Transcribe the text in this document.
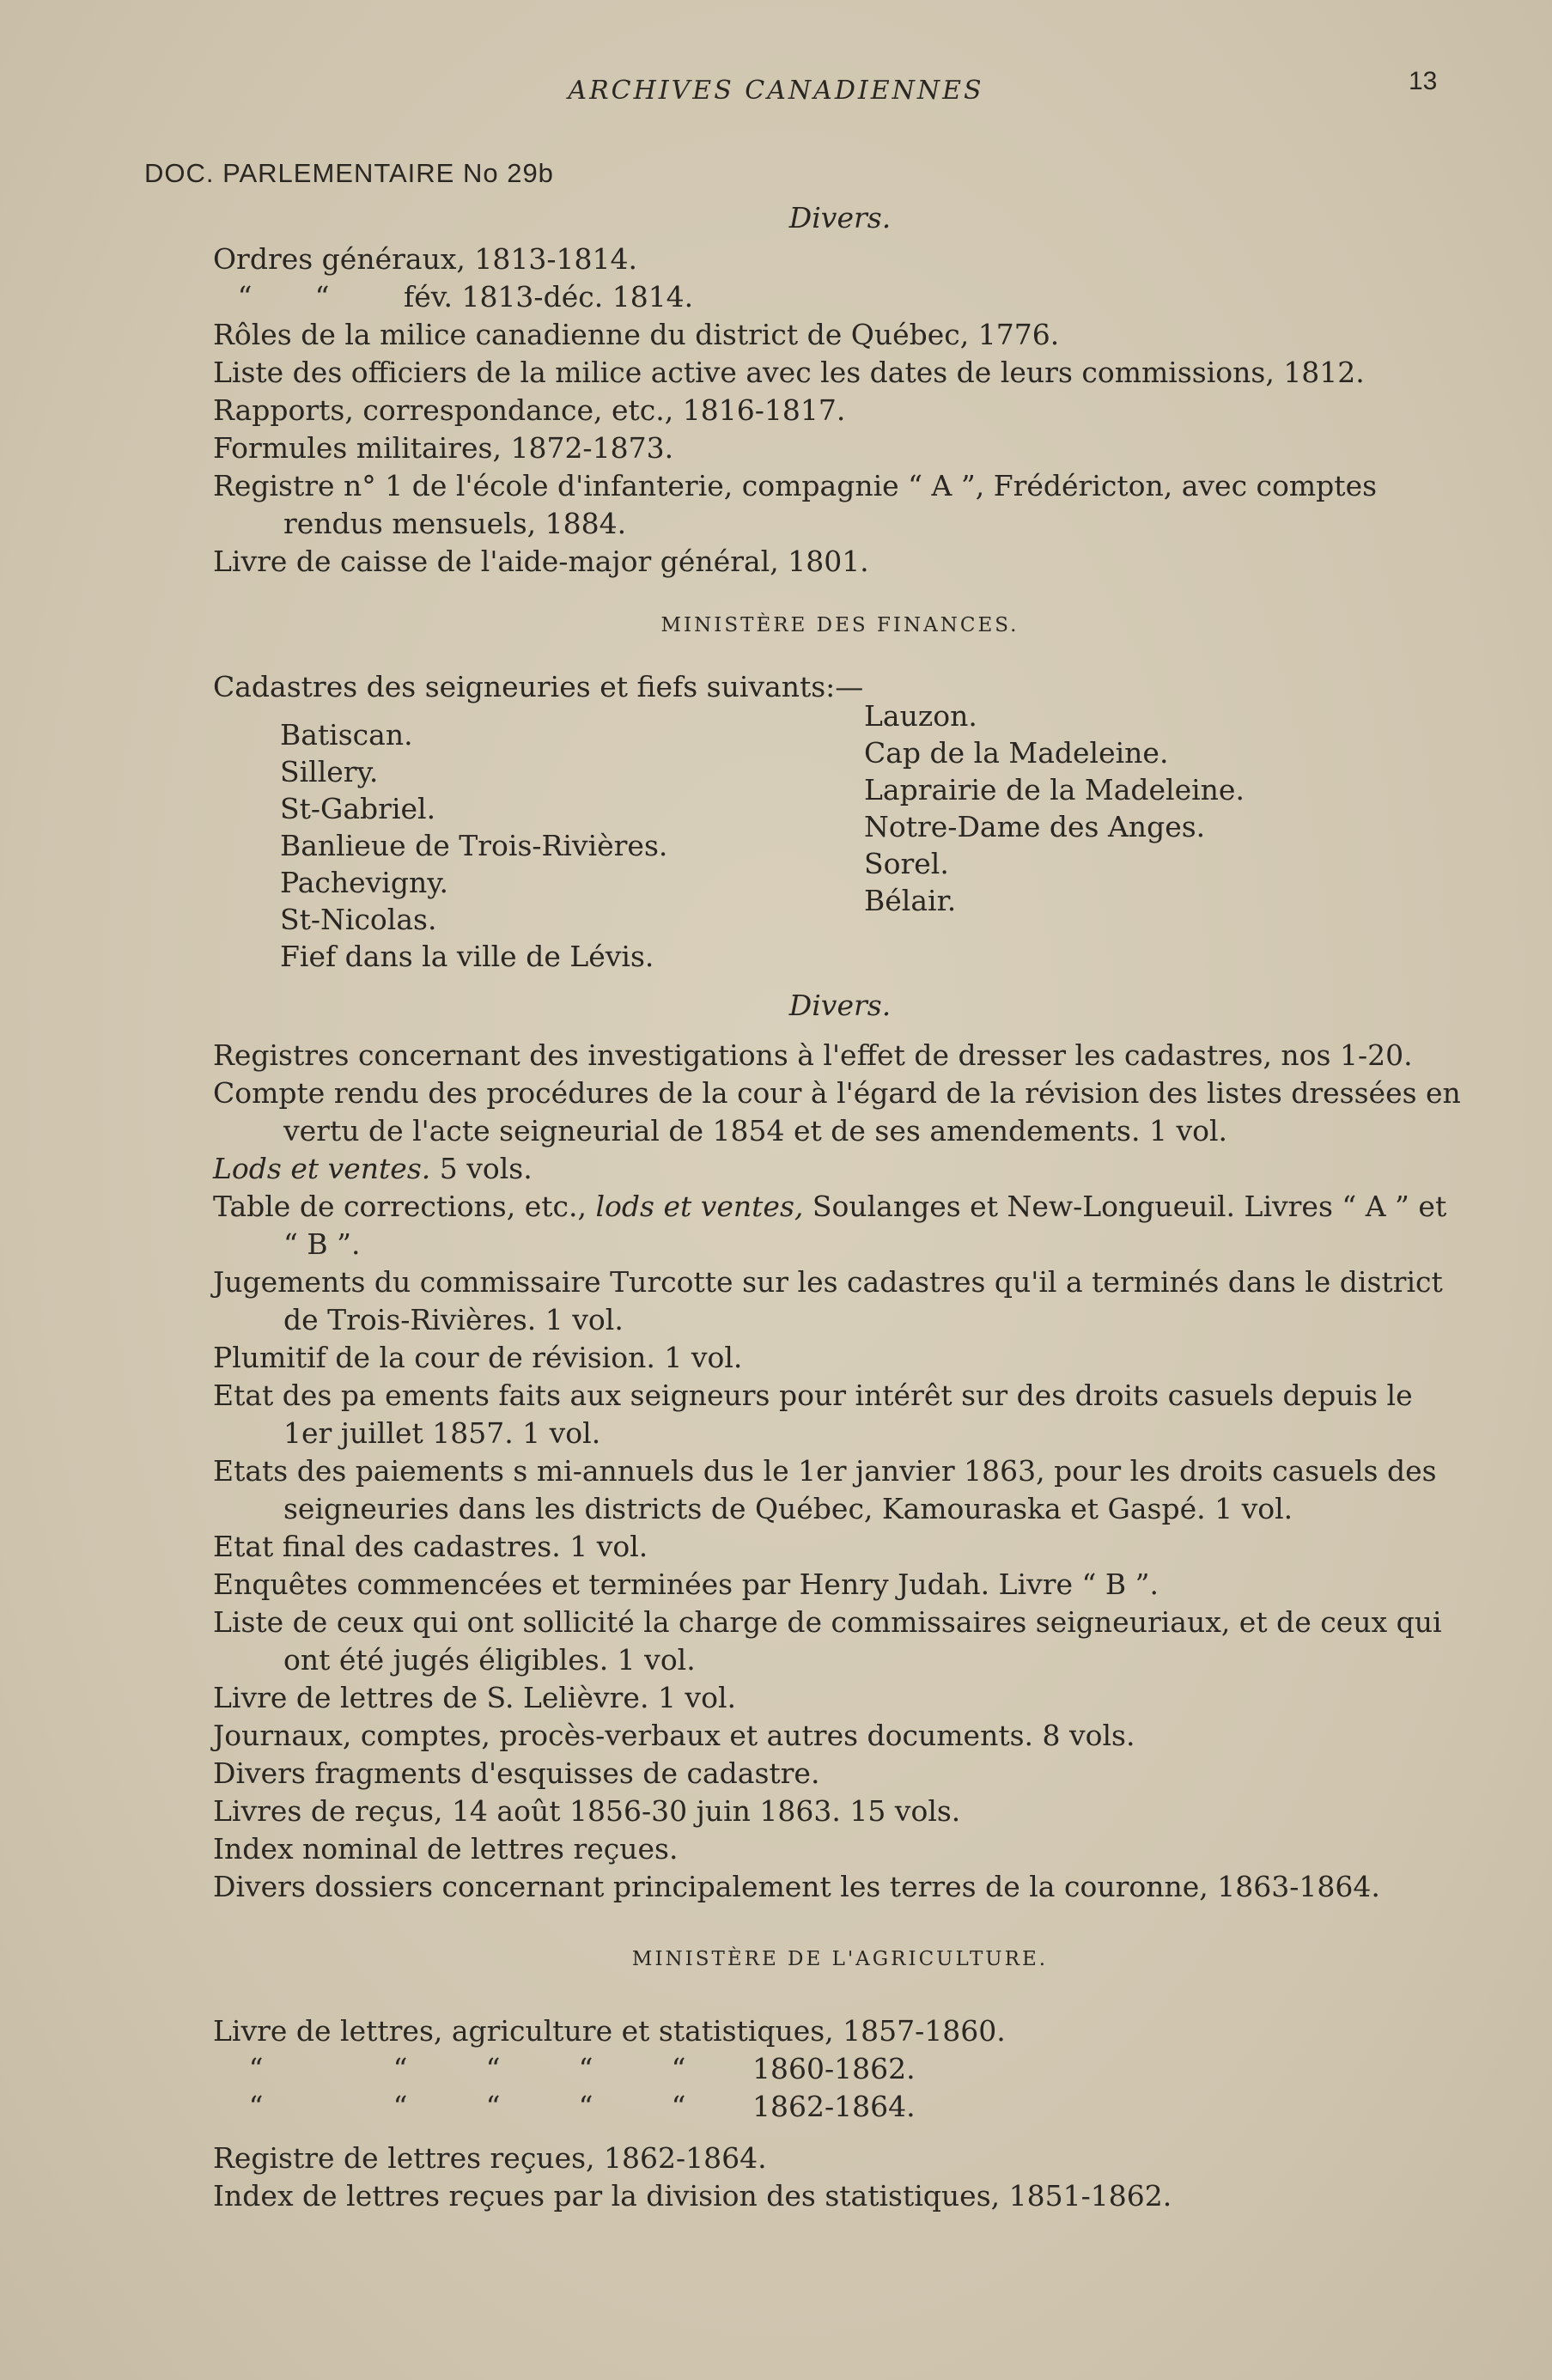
ARCHIVES CANADIENNES	13
DOC. PARLEMENTAIRE No 29b
Divers.
Ordres généraux, 1813-1814.
“ “	fév. 1813-déc. 1814.
Rôles de la milice canadienne du district de Québec, 1776.
Liste des officiers de la milice active avec les dates de leurs commissions, 1812.
Rapports, correspondance, etc., 1816-1817.
Formules militaires, 1872-1873.
Registre n° 1 de l'école d'infanterie, compagnie “ A ”, Frédéricton, avec comptes rendus mensuels, 1884.
Livre de caisse de l'aide-major général, 1801.
MINISTÈRE DES FINANCES.
Cadastres des seigneuries et fiefs suivants:—
Batiscan.
Sillery.
St-Gabriel.
Banlieue de Trois-Rivières.
Pachevigny.
St-Nicolas.
Fief dans la ville de Lévis.
Lauzon.
Cap de la Madeleine.
Laprairie de la Madeleine.
Notre-Dame des Anges.
Sorel.
Bélair.
Divers.
Registres concernant des investigations à l'effet de dresser les cadastres, nos 1-20.
Compte rendu des procédures de la cour à l'égard de la révision des listes dressées en vertu de l'acte seigneurial de 1854 et de ses amendements. 1 vol.
Lods et ventes. 5 vols.
Table de corrections, etc., lods et ventes, Soulanges et New-Longueuil. Livres “ A ” et “ B ”.
Jugements du commissaire Turcotte sur les cadastres qu'il a terminés dans le district de Trois-Rivières. 1 vol.
Plumitif de la cour de révision. 1 vol.
Etat des pa ements faits aux seigneurs pour intérêt sur des droits casuels depuis le 1er juillet 1857. 1 vol.
Etats des paiements s mi-annuels dus le 1er janvier 1863, pour les droits casuels des seigneuries dans les districts de Québec, Kamouraska et Gaspé. 1 vol.
Etat final des cadastres. 1 vol.
Enquêtes commencées et terminées par Henry Judah. Livre “ B ”.
Liste de ceux qui ont sollicité la charge de commissaires seigneuriaux, et de ceux qui ont été jugés éligibles. 1 vol.
Livre de lettres de S. Lelièvre. 1 vol.
Journaux, comptes, procès-verbaux et autres documents. 8 vols.
Divers fragments d'esquisses de cadastre.
Livres de reçus, 14 août 1856-30 juin 1863. 15 vols.
Index nominal de lettres reçues.
Divers dossiers concernant principalement les terres de la couronne, 1863-1864.
MINISTÈRE DE L'AGRICULTURE.
Livre de lettres, agriculture et statistiques, 1857-1860.
“	“	“	“	“	1860-1862.
“	“	“	“	“	1862-1864.
Registre de lettres reçues, 1862-1864.
Index de lettres reçues par la division des statistiques, 1851-1862.
